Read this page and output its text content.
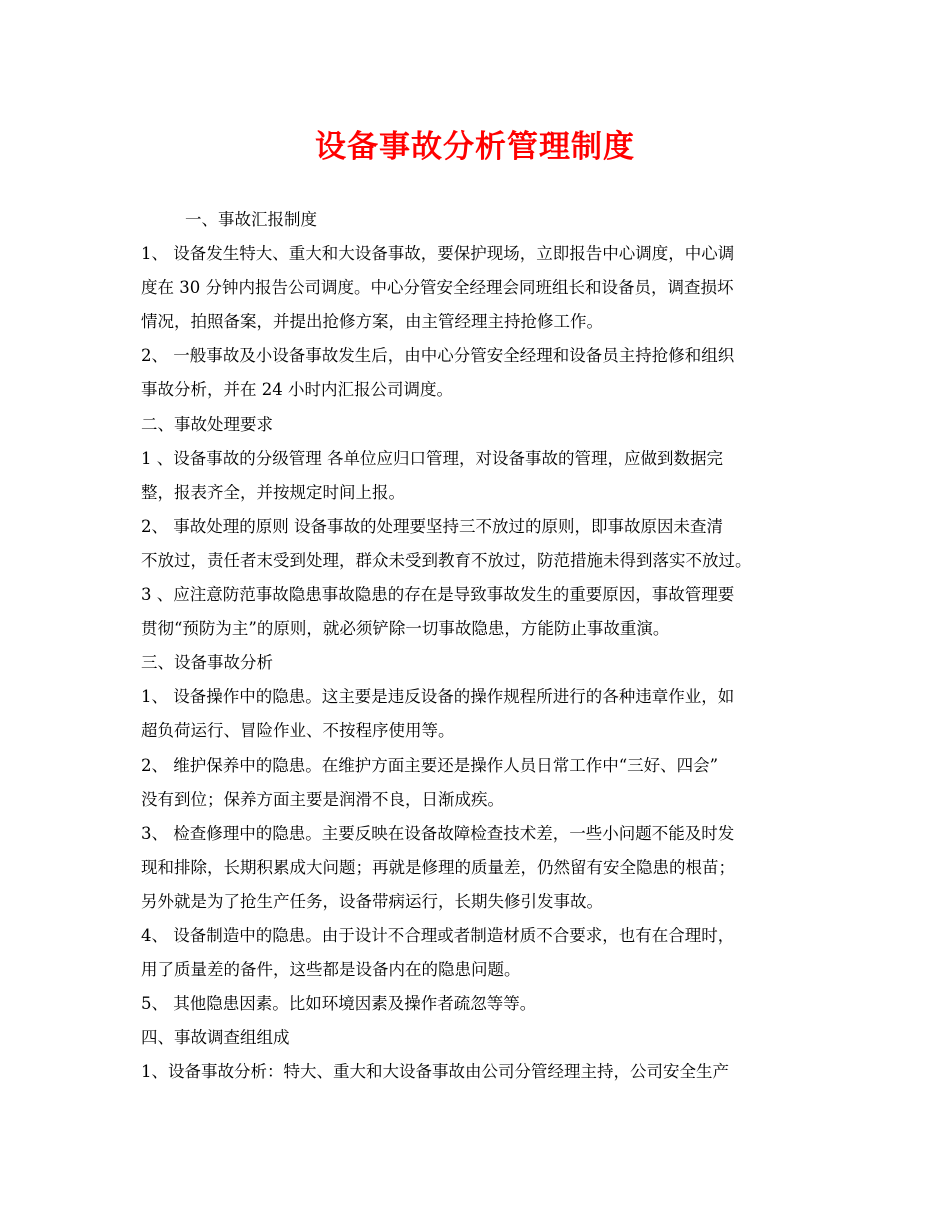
设备事故分析管理制度
一、事故汇报制度
1、 设备发生特大、重大和大设备事故，要保护现场，立即报告中心调度，中心调
度在 30 分钟内报告公司调度。中心分管安全经理会同班组长和设备员，调查损坏
情况，拍照备案，并提出抢修方案，由主管经理主持抢修工作。
2、 一般事故及小设备事故发生后，由中心分管安全经理和设备员主持抢修和组织
事故分析，并在 24 小时内汇报公司调度。
二、事故处理要求
1 、设备事故的分级管理 各单位应归口管理，对设备事故的管理，应做到数据完
整，报表齐全，并按规定时间上报。
2、 事故处理的原则 设备事故的处理要坚持三不放过的原则，即事故原因未查清
不放过，责任者末受到处理，群众未受到教育不放过，防范措施未得到落实不放过。
3 、应注意防范事故隐患事故隐患的存在是导致事故发生的重要原因，事故管理要
贯彻“预防为主”的原则，就必须铲除一切事故隐患，方能防止事故重演。
三、设备事故分析
1、 设备操作中的隐患。这主要是违反设备的操作规程所进行的各种违章作业，如
超负荷运行、冒险作业、不按程序使用等。
2、 维护保养中的隐患。在维护方面主要还是操作人员日常工作中“三好、四会”
没有到位；保养方面主要是润滑不良，日渐成疾。
3、 检查修理中的隐患。主要反映在设备故障检查技术差，一些小问题不能及时发
现和排除，长期积累成大问题；再就是修理的质量差，仍然留有安全隐患的根苗；
另外就是为了抢生产任务，设备带病运行，长期失修引发事故。
4、 设备制造中的隐患。由于设计不合理或者制造材质不合要求，也有在合理时，
用了质量差的备件，这些都是设备内在的隐患问题。
5、 其他隐患因素。比如环境因素及操作者疏忽等等。
四、事故调查组组成
1、设备事故分析：特大、重大和大设备事故由公司分管经理主持，公司安全生产
